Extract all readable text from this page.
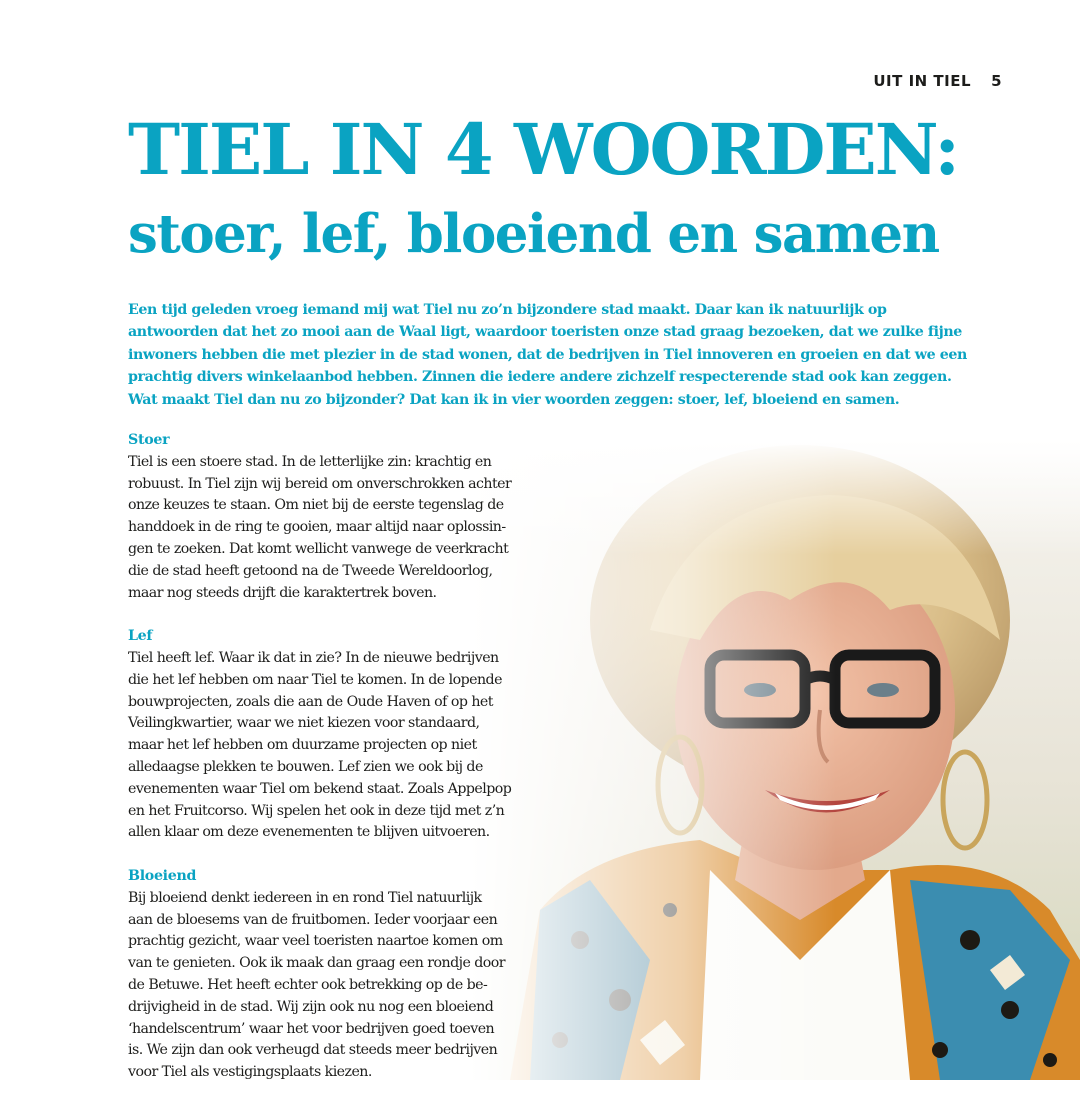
UIT IN TIEL 5
TIEL IN 4 WOORDEN:
stoer, lef, bloeiend en samen

Een tijd geleden vroeg iemand mij wat Tiel nu zo’n bijzondere stad maakt. Daar kan ik natuurlijk op
antwoorden dat het zo mooi aan de Waal ligt, waardoor toeristen onze stad graag bezoeken, dat we zulke fijne
inwoners hebben die met plezier in de stad wonen, dat de bedrijven in Tiel innoveren en groeien en dat we een
prachtig divers winkelaanbod hebben. Zinnen die iedere andere zichzelf respecterende stad ook kan zeggen.
Wat maakt Tiel dan nu zo bijzonder? Dat kan ik in vier woorden zeggen: stoer, lef, bloeiend en samen.

Stoer
Tiel is een stoere stad. In de letterlijke zin: krachtig en
robuust. In Tiel zijn wij bereid om onverschrokken achter
onze keuzes te staan. Om niet bij de eerste tegenslag de
handdoek in de ring te gooien, maar altijd naar oplossin-
gen te zoeken. Dat komt wellicht vanwege de veerkracht
die de stad heeft getoond na de Tweede Wereldoorlog,
maar nog steeds drijft die karaktertrek boven.
Lef
Tiel heeft lef. Waar ik dat in zie? In de nieuwe bedrijven
die het lef hebben om naar Tiel te komen. In de lopende
bouwprojecten, zoals die aan de Oude Haven of op het
Veilingkwartier, waar we niet kiezen voor standaard,
maar het lef hebben om duurzame projecten op niet
alledaagse plekken te bouwen. Lef zien we ook bij de
evenementen waar Tiel om bekend staat. Zoals Appelpop
en het Fruitcorso. Wij spelen het ook in deze tijd met z’n
allen klaar om deze evenementen te blijven uitvoeren.
Bloeiend
Bij bloeiend denkt iedereen in en rond Tiel natuurlijk
aan de bloesems van de fruitbomen. Ieder voorjaar een
prachtig gezicht, waar veel toeristen naartoe komen om
van te genieten. Ook ik maak dan graag een rondje door
de Betuwe. Het heeft echter ook betrekking op de be-
drijvigheid in de stad. Wij zijn ook nu nog een bloeiend
‘handelscentrum’ waar het voor bedrijven goed toeven
is. We zijn dan ook verheugd dat steeds meer bedrijven
voor Tiel als vestigingsplaats kiezen.
